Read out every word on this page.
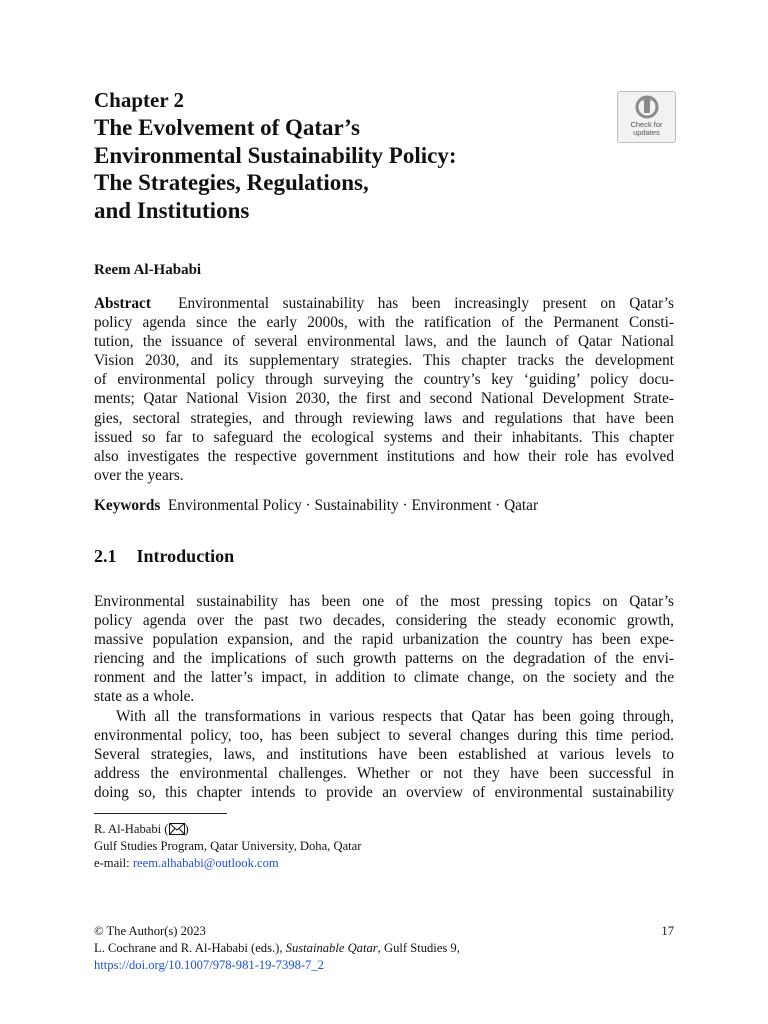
Chapter 2
The Evolvement of Qatar’s
Environmental Sustainability Policy:
The Strategies, Regulations,
and Institutions
Check for
updates
Reem Al-Hababi
Abstract Environmental sustainability has been increasingly present on Qatar’s
policy agenda since the early 2000s, with the ratification of the Permanent Consti-
tution, the issuance of several environmental laws, and the launch of Qatar National
Vision 2030, and its supplementary strategies. This chapter tracks the development
of environmental policy through surveying the country’s key ‘guiding’ policy docu-
ments; Qatar National Vision 2030, the first and second National Development Strate-
gies, sectoral strategies, and through reviewing laws and regulations that have been
issued so far to safeguard the ecological systems and their inhabitants. This chapter
also investigates the respective government institutions and how their role has evolved
over the years.
Keywords Environmental Policy · Sustainability · Environment · Qatar
2.1 Introduction
Environmental sustainability has been one of the most pressing topics on Qatar’s
policy agenda over the past two decades, considering the steady economic growth,
massive population expansion, and the rapid urbanization the country has been expe-
riencing and the implications of such growth patterns on the degradation of the envi-
ronment and the latter’s impact, in addition to climate change, on the society and the
state as a whole.
With all the transformations in various respects that Qatar has been going through,
environmental policy, too, has been subject to several changes during this time period.
Several strategies, laws, and institutions have been established at various levels to
address the environmental challenges. Whether or not they have been successful in
doing so, this chapter intends to provide an overview of environmental sustainability
R. Al-Hababi ( )
Gulf Studies Program, Qatar University, Doha, Qatar
e-mail: reem.alhababi@outlook.com
© The Author(s) 2023	17
L. Cochrane and R. Al-Hababi (eds.), Sustainable Qatar, Gulf Studies 9,
https://doi.org/10.1007/978-981-19-7398-7_2
